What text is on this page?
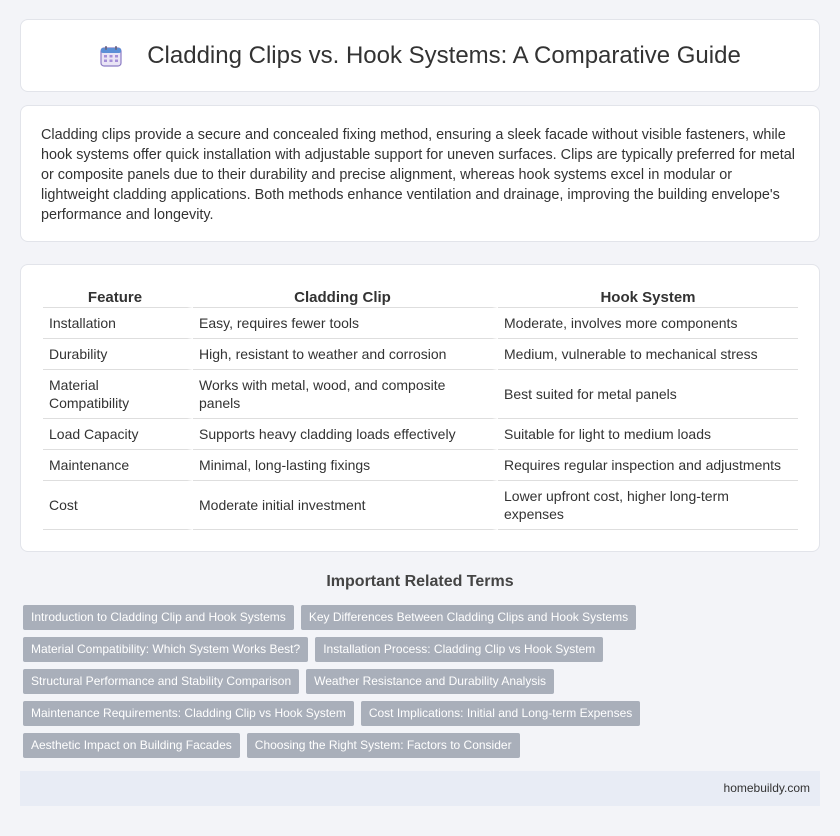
Cladding Clips vs. Hook Systems: A Comparative Guide

Cladding clips provide a secure and concealed fixing method, ensuring a sleek facade without visible fasteners, while hook systems offer quick installation with adjustable support for uneven surfaces. Clips are typically preferred for metal or composite panels due to their durability and precise alignment, whereas hook systems excel in modular or lightweight cladding applications. Both methods enhance ventilation and drainage, improving the building envelope's performance and longevity.

Feature	Cladding Clip	Hook System
Installation	Easy, requires fewer tools	Moderate, involves more components
Durability	High, resistant to weather and corrosion	Medium, vulnerable to mechanical stress
Material Compatibility	Works with metal, wood, and composite panels	Best suited for metal panels
Load Capacity	Supports heavy cladding loads effectively	Suitable for light to medium loads
Maintenance	Minimal, long-lasting fixings	Requires regular inspection and adjustments
Cost	Moderate initial investment	Lower upfront cost, higher long-term expenses
Important Related Terms
Introduction to Cladding Clip and Hook Systems	Key Differences Between Cladding Clips and Hook Systems
Material Compatibility: Which System Works Best?	Installation Process: Cladding Clip vs Hook System
Structural Performance and Stability Comparison	Weather Resistance and Durability Analysis
Maintenance Requirements: Cladding Clip vs Hook System	Cost Implications: Initial and Long-term Expenses
Aesthetic Impact on Building Facades	Choosing the Right System: Factors to Consider
homebuildy.com
